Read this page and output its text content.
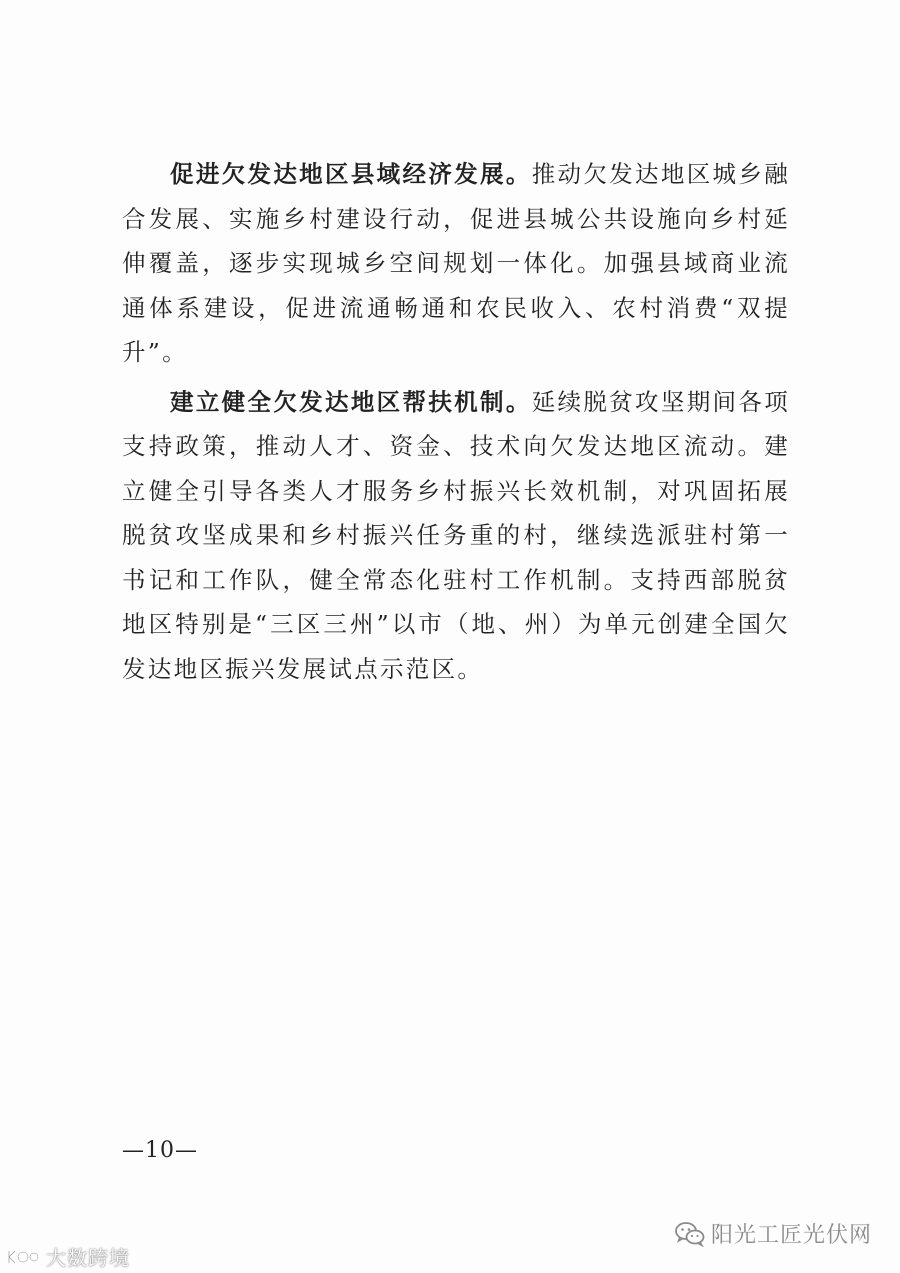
促进欠发达地区县域经济发展。推动欠发达地区城乡融合发展、实施乡村建设行动，促进县城公共设施向乡村延伸覆盖，逐步实现城乡空间规划一体化。加强县域商业流通体系建设，促进流通畅通和农民收入、农村消费“双提升”。

建立健全欠发达地区帮扶机制。延续脱贫攻坚期间各项支持政策，推动人才、资金、技术向欠发达地区流动。建立健全引导各类人才服务乡村振兴长效机制，对巩固拓展脱贫攻坚成果和乡村振兴任务重的村，继续选派驻村第一书记和工作队，健全常态化驻村工作机制。支持西部脱贫地区特别是“三区三州”以市（地、州）为单元创建全国欠发达地区振兴发展试点示范区。

—10—
阳光工匠光伏网
大数跨境
